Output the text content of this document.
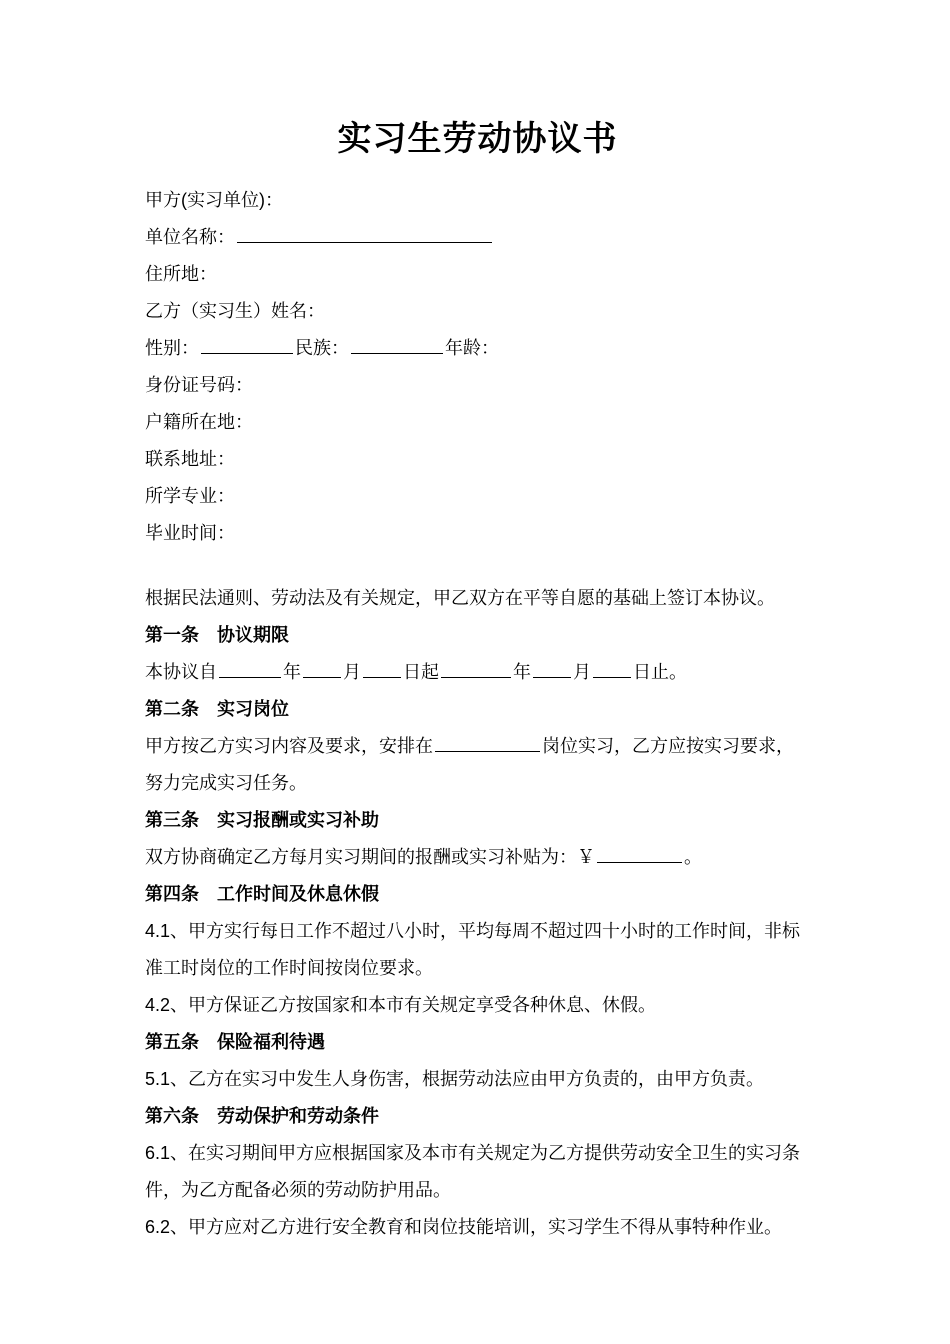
实习生劳动协议书
甲方(实习单位)：
单位名称：
住所地：
乙方（实习生）姓名：
性别：	民族：	年龄：
身份证号码：
户籍所在地：
联系地址：
所学专业：
毕业时间：
根据民法通则、劳动法及有关规定，甲乙双方在平等自愿的基础上签订本协议。
第一条　协议期限
本协议自	年 月 日起	年 月 日止。
第二条　实习岗位
甲方按乙方实习内容及要求，安排在	岗位实习，乙方应按实习要求，努力完成实习任务。
第三条　实习报酬或实习补助
双方协商确定乙方每月实习期间的报酬或实习补贴为：￥	。
第四条　工作时间及休息休假
4.1、甲方实行每日工作不超过八小时，平均每周不超过四十小时的工作时间，非标准工时岗位的工作时间按岗位要求。
4.2、甲方保证乙方按国家和本市有关规定享受各种休息、休假。
第五条　保险福利待遇
5.1、乙方在实习中发生人身伤害，根据劳动法应由甲方负责的，由甲方负责。
第六条　劳动保护和劳动条件
6.1、在实习期间甲方应根据国家及本市有关规定为乙方提供劳动安全卫生的实习条件，为乙方配备必须的劳动防护用品。
6.2、甲方应对乙方进行安全教育和岗位技能培训，实习学生不得从事特种作业。
